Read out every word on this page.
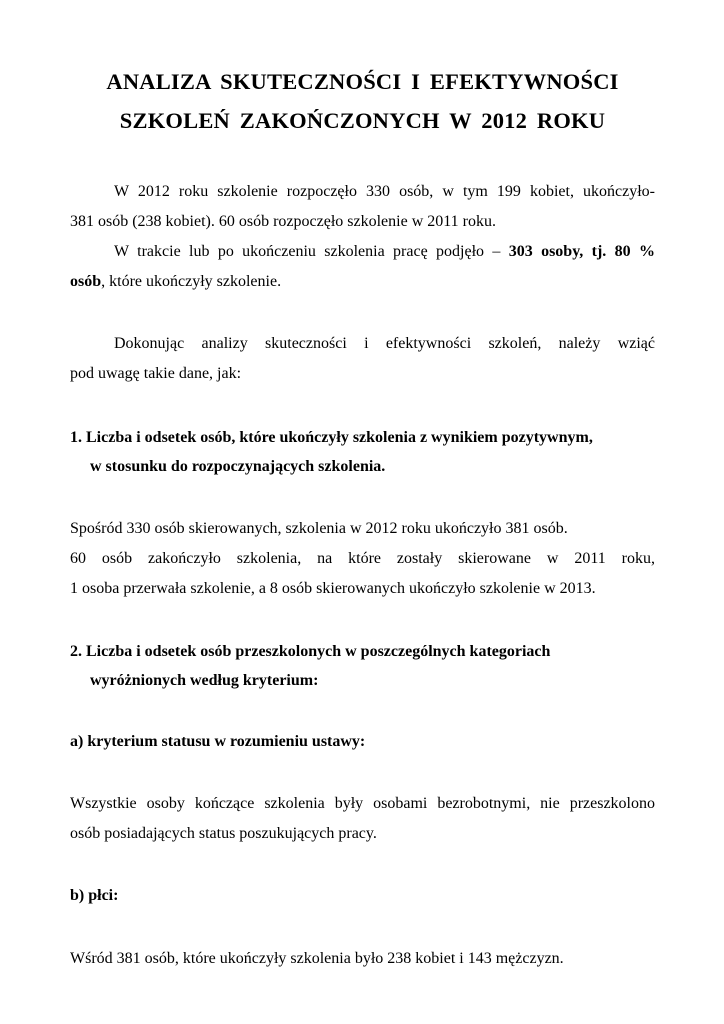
ANALIZA SKUTECZNOŚCI I EFEKTYWNOŚCI
SZKOLEŃ ZAKOŃCZONYCH W 2012 ROKU

W 2012 roku szkolenie rozpoczęło 330 osób, w tym 199 kobiet, ukończyło-

381 osób (238 kobiet). 60 osób rozpoczęło szkolenie w 2011 roku.

W trakcie lub po ukończeniu szkolenia pracę podjęło – 303 osoby, tj. 80 %

osób, które ukończyły szkolenie.

Dokonując analizy skuteczności i efektywności szkoleń, należy wziąć

pod uwagę takie dane, jak:

1. Liczba i odsetek osób, które ukończyły szkolenia z wynikiem pozytywnym,
w stosunku do rozpoczynających szkolenia.

Spośród 330 osób skierowanych, szkolenia w 2012 roku ukończyło 381 osób.

60 osób zakończyło szkolenia, na które zostały skierowane w 2011 roku,

1 osoba przerwała szkolenie, a 8 osób skierowanych ukończyło szkolenie w 2013.

2. Liczba i odsetek osób przeszkolonych w poszczególnych kategoriach
wyróżnionych według kryterium:

a) kryterium statusu w rozumieniu ustawy:

Wszystkie osoby kończące szkolenia były osobami bezrobotnymi, nie przeszkolono

osób posiadających status poszukujących pracy.

b) płci:

Wśród 381 osób, które ukończyły szkolenia było 238 kobiet i 143 mężczyzn.
